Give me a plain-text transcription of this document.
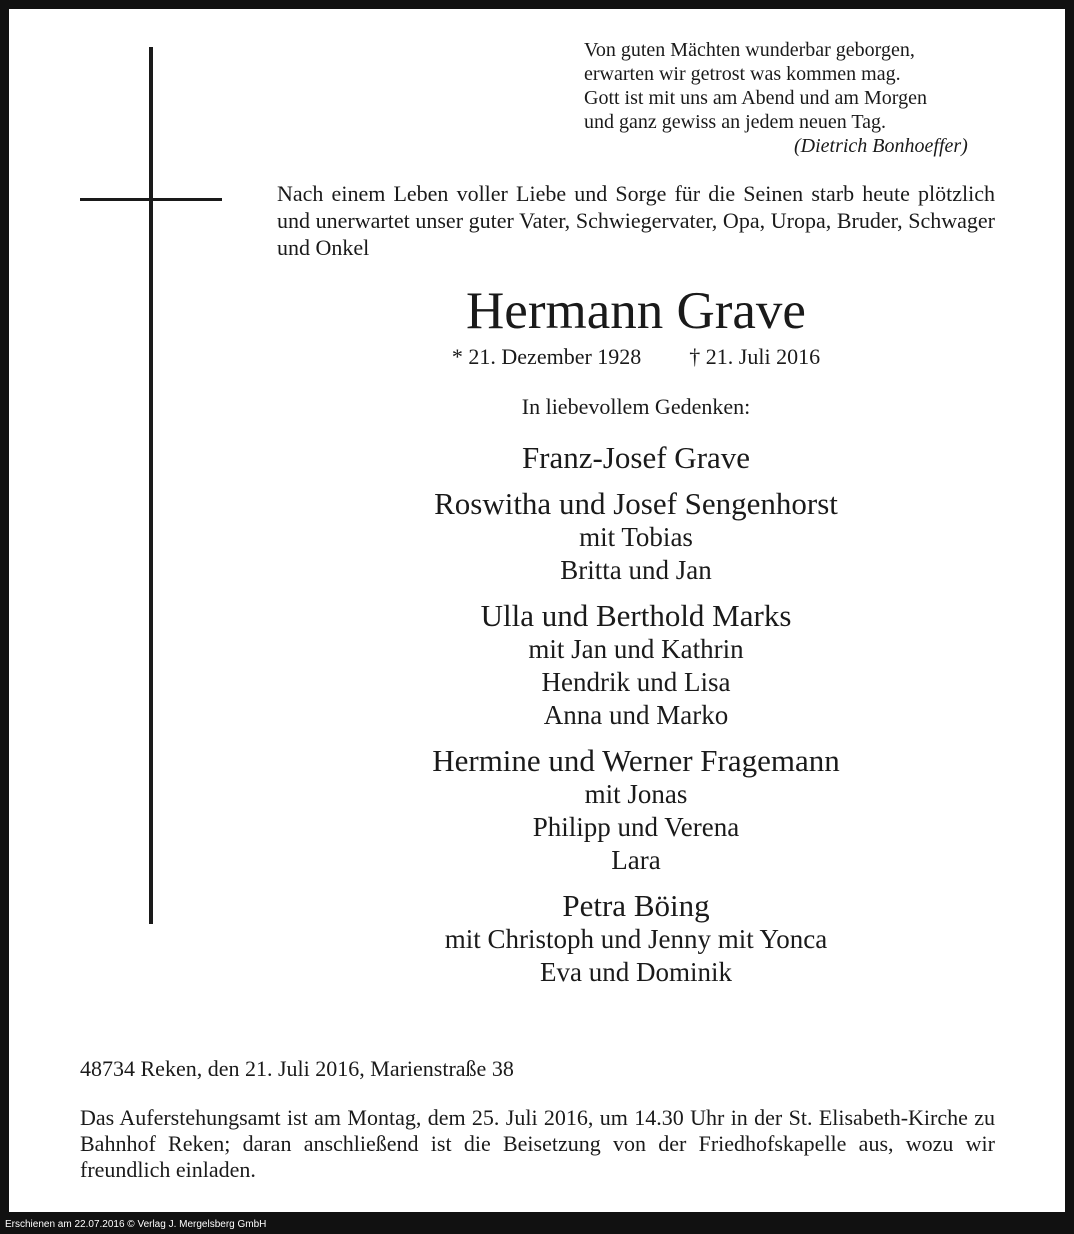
Erschienen am 22.07.2016 © Verlag J. Mergelsberg GmbH
Von guten Mächten wunderbar geborgen,
erwarten wir getrost was kommen mag.
Gott ist mit uns am Abend und am Morgen
und ganz gewiss an jedem neuen Tag.
(Dietrich Bonhoeffer)
Nach einem Leben voller Liebe und Sorge für die Seinen starb heute plötzlich und unerwartet unser guter Vater, Schwiegervater, Opa, Uropa, Bruder, Schwager und Onkel
Hermann Grave
* 21. Dezember 1928 † 21. Juli 2016
In liebevollem Gedenken:
Franz-Josef Grave
Roswitha und Josef Sengenhorst
mit Tobias
Britta und Jan
Ulla und Berthold Marks
mit Jan und Kathrin
Hendrik und Lisa
Anna und Marko
Hermine und Werner Fragemann
mit Jonas
Philipp und Verena
Lara
Petra Böing
mit Christoph und Jenny mit Yonca
Eva und Dominik
48734 Reken, den 21. Juli 2016, Marienstraße 38
Das Auferstehungsamt ist am Montag, dem 25. Juli 2016, um 14.30 Uhr in der St. Elisabeth-Kirche zu Bahnhof Reken; daran anschließend ist die Beisetzung von der Friedhofskapelle aus, wozu wir freundlich einladen.
